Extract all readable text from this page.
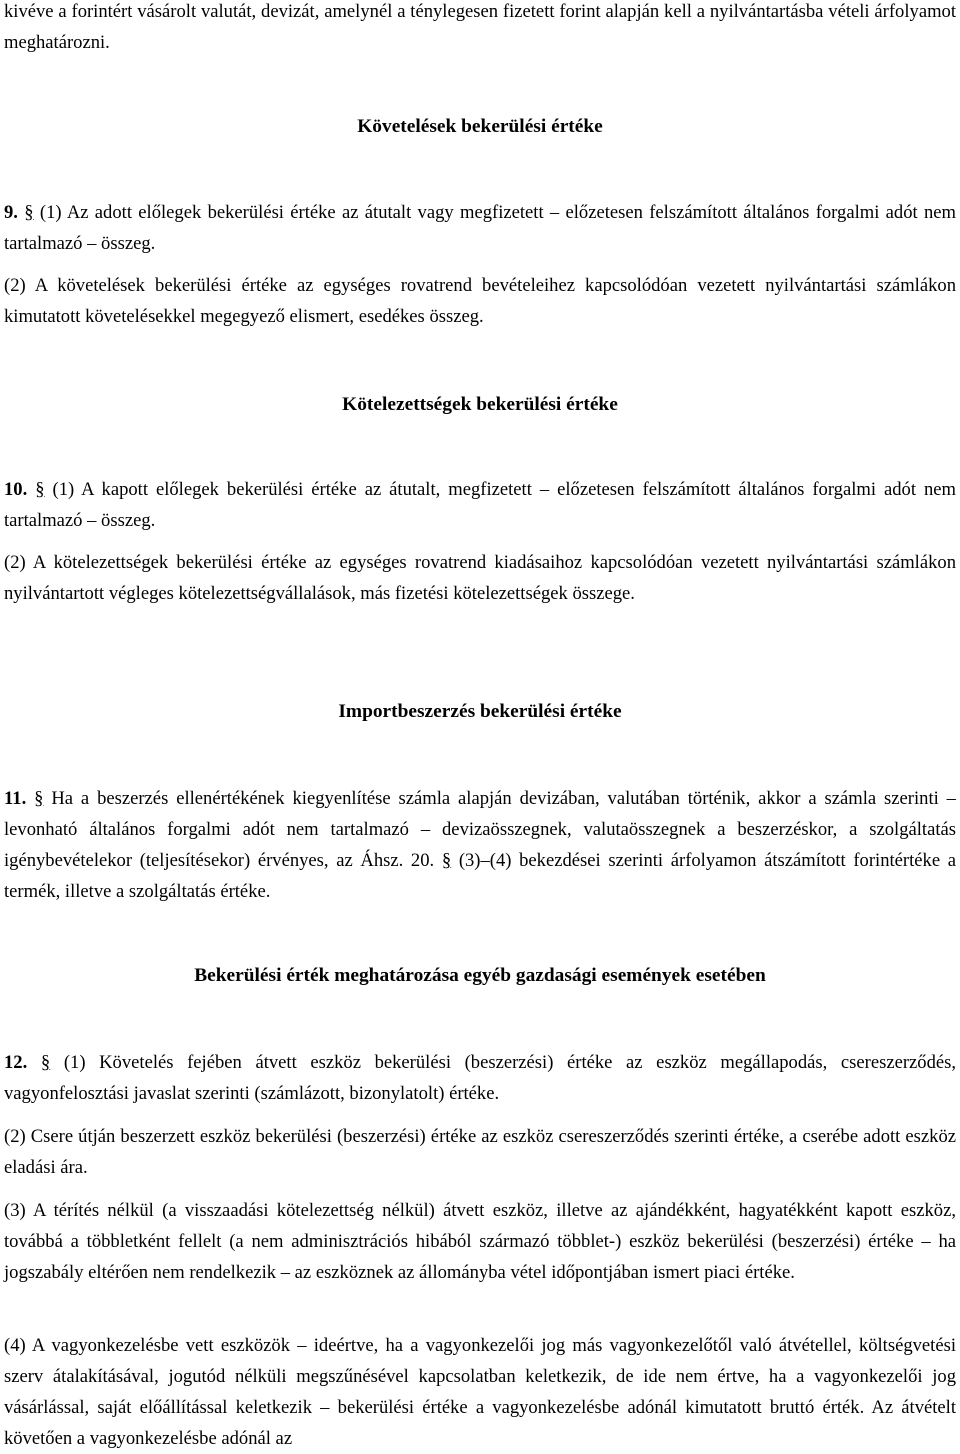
kivéve a forintért vásárolt valutát, devizát, amelynél a ténylegesen fizetett forint alapján kell a nyilvántartásba vételi árfolyamot meghatározni.

Követelések bekerülési értéke

9. § (1) Az adott előlegek bekerülési értéke az átutalt vagy megfizetett – előzetesen felszámított általános forgalmi adót nem tartalmazó – összeg.

(2) A követelések bekerülési értéke az egységes rovatrend bevételeihez kapcsolódóan vezetett nyilvántartási számlákon kimutatott követelésekkel megegyező elismert, esedékes összeg.

Kötelezettségek bekerülési értéke

10. § (1) A kapott előlegek bekerülési értéke az átutalt, megfizetett – előzetesen felszámított általános forgalmi adót nem tartalmazó – összeg.

(2) A kötelezettségek bekerülési értéke az egységes rovatrend kiadásaihoz kapcsolódóan vezetett nyilvántartási számlákon nyilvántartott végleges kötelezettségvállalások, más fizetési kötelezettségek összege.

Importbeszerzés bekerülési értéke

11. § Ha a beszerzés ellenértékének kiegyenlítése számla alapján devizában, valutában történik, akkor a számla szerinti – levonható általános forgalmi adót nem tartalmazó – devizaösszegnek, valutaösszegnek a beszerzéskor, a szolgáltatás igénybevételekor (teljesítésekor) érvényes, az Áhsz. 20. § (3)–(4) bekezdései szerinti árfolyamon átszámított forintértéke a termék, illetve a szolgáltatás értéke.

Bekerülési érték meghatározása egyéb gazdasági események esetében

12. § (1) Követelés fejében átvett eszköz bekerülési (beszerzési) értéke az eszköz megállapodás, csereszerződés, vagyonfelosztási javaslat szerinti (számlázott, bizonylatolt) értéke.

(2) Csere útján beszerzett eszköz bekerülési (beszerzési) értéke az eszköz csereszerződés szerinti értéke, a cserébe adott eszköz eladási ára.

(3) A térítés nélkül (a visszaadási kötelezettség nélkül) átvett eszköz, illetve az ajándékként, hagyatékként kapott eszköz, továbbá a többletként fellelt (a nem adminisztrációs hibából származó többlet-) eszköz bekerülési (beszerzési) értéke – ha jogszabály eltérően nem rendelkezik – az eszköznek az állományba vétel időpontjában ismert piaci értéke.

(4) A vagyonkezelésbe vett eszközök – ideértve, ha a vagyonkezelői jog más vagyonkezelőtől való átvétellel, költségvetési szerv átalakításával, jogutód nélküli megszűnésével kapcsolatban keletkezik, de ide nem értve, ha a vagyonkezelői jog vásárlással, saját előállítással keletkezik – bekerülési értéke a vagyonkezelésbe adónál kimutatott bruttó érték. Az átvételt követően a vagyonkezelésbe adónál az
